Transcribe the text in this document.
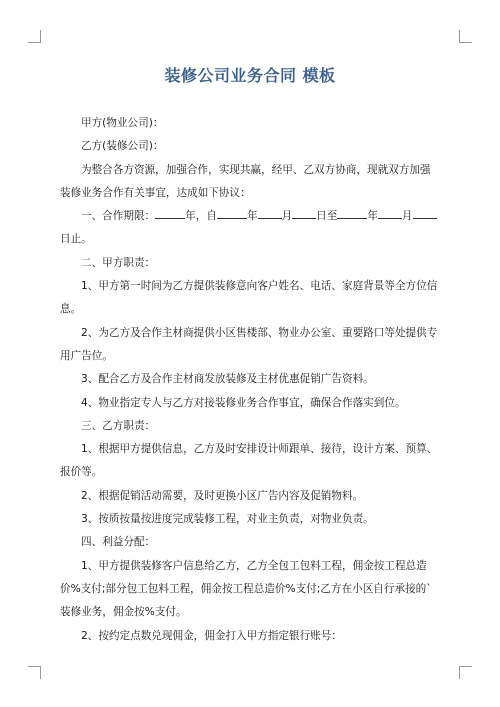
装修公司业务合同 模板

甲方(物业公司)：

乙方(装修公司)：

为整合各方资源，加强合作，实现共赢，经甲、乙双方协商，现就双方加强装修业务合作有关事宜，达成如下协议：

一、合作期限：	年，自	年 月 日至	年 月日止。

二、甲方职责：

1、甲方第一时间为乙方提供装修意向客户姓名、电话、家庭背景等全方位信息。

2、为乙方及合作主材商提供小区售楼部、物业办公室、重要路口等处提供专用广告位。

3、配合乙方及合作主材商发放装修及主材优惠促销广告资料。

4、物业指定专人与乙方对接装修业务合作事宜，确保合作落实到位。

三、乙方职责：

1、根据甲方提供信息，乙方及时安排设计师跟单、接待，设计方案、预算、报价等。

2、根据促销活动需要，及时更换小区广告内容及促销物料。

3、按质按量按进度完成装修工程，对业主负责，对物业负责。

四、利益分配：

1、甲方提供装修客户信息给乙方，乙方全包工包料工程，佣金按工程总造价%支付;部分包工包料工程，佣金按工程总造价%支付;乙方在小区自行承接的`装修业务，佣金按%支付。

2、按约定点数兑现佣金，佣金打入甲方指定银行账号：
